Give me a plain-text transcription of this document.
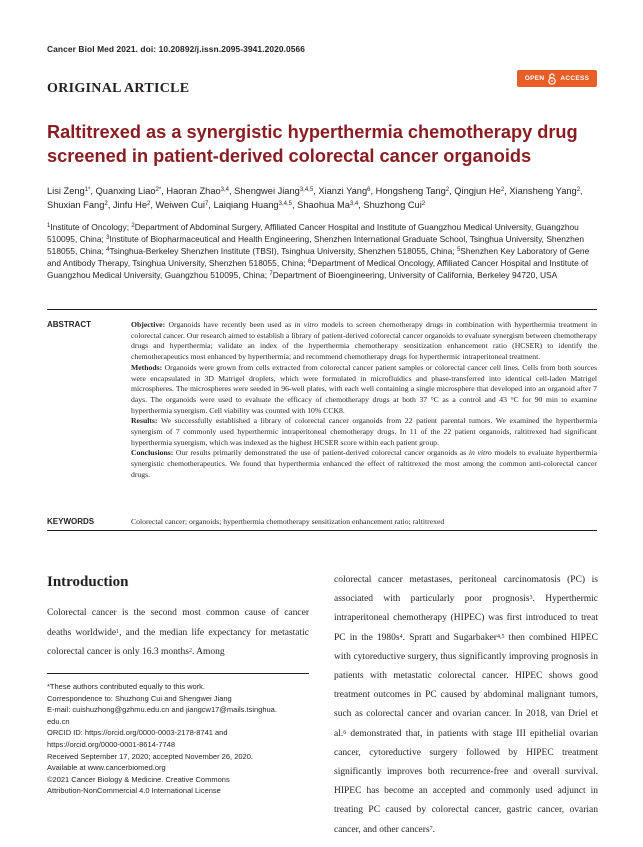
Cancer Biol Med 2021. doi: 10.20892/j.issn.2095-3941.2020.0566
ORIGINAL ARTICLE
OPEN ACCESS
Raltitrexed as a synergistic hyperthermia chemotherapy drug
screened in patient-derived colorectal cancer organoids
Lisi Zeng$^{1*}$, Quanxing Liao$^{2*}$, Haoran Zhao$^{3,4}$, Shengwei Jiang$^{3,4,5}$, Xianzi Yang$^6$, Hongsheng Tang$^2$, Qingjun He$^2$, Xiansheng Yang$^2$, Shuxian Fang$^2$, Jinfu He$^2$, Weiwen Cui$^7$, Laiqiang Huang$^{3,4,5}$, Shaohua Ma$^{3,4}$, Shuzhong Cui$^2$
$^1$Institute of Oncology; $^2$Department of Abdominal Surgery, Affiliated Cancer Hospital and Institute of Guangzhou Medical University, Guangzhou 510095, China; $^3$Institute of Biopharmaceutical and Health Engineering, Shenzhen International Graduate School, Tsinghua University, Shenzhen 518055, China; $^4$Tsinghua-Berkeley Shenzhen Institute (TBSI), Tsinghua University, Shenzhen 518055, China; $^5$Shenzhen Key Laboratory of Gene and Antibody Therapy, Tsinghua University, Shenzhen 518055, China; $^6$Department of Medical Oncology, Affiliated Cancer Hospital and Institute of Guangzhou Medical University, Guangzhou 510095, China; $^7$Department of Bioengineering, University of California, Berkeley 94720, USA
ABSTRACT	Objective: Organoids have recently been used as in vitro models to screen chemotherapy drugs in combination with hyperthermia treatment in colorectal cancer. Our research aimed to establish a library of patient-derived colorectal cancer organoids to evaluate synergism between chemotherapy drugs and hyperthermia; validate an index of the hyperthermia chemotherapy sensitization enhancement ratio (HCSER) to identify the chemotherapeutics most enhanced by hyperthermia; and recommend chemotherapy drugs for hyperthermic intraperitoneal treatment.

Methods: Organoids were grown from cells extracted from colorectal cancer patient samples or colorectal cancer cell lines. Cells from both sources were encapsulated in 3D Matrigel droplets, which were formulated in microfluidics and phase-transferred into identical cell-laden Matrigel microspheres. The microspheres were seeded in 96-well plates, with each well containing a single microsphere that developed into an organoid after 7 days. The organoids were used to evaluate the efficacy of chemotherapy drugs at both 37 °C as a control and 43 °C for 90 min to examine hyperthermia synergism. Cell viability was counted with 10% CCK8.

Results: We successfully established a library of colorectal cancer organoids from 22 patient parental tumors. We examined the hyperthermia synergism of 7 commonly used hyperthermic intraperitoneal chemotherapy drugs. In 11 of the 22 patient organoids, raltitrexed had significant hyperthermia synergism, which was indexed as the highest HCSER score within each patient group.

Conclusions: Our results primarily demonstrated the use of patient-derived colorectal cancer organoids as in vitro models to evaluate hyperthermia synergistic chemotherapeutics. We found that hyperthermia enhanced the effect of raltitrexed the most among the common anti-colorectal cancer drugs.

KEYWORDS	Colorectal cancer; organoids; hyperthermia chemotherapy sensitization enhancement ratio; raltitrexed
Introduction

Colorectal cancer is the second most common cause of cancer deaths worldwide$^1$, and the median life expectancy for metastatic colorectal cancer is only 16.3 months$^2$. Among

*These authors contributed equally to this work.
Correspondence to: Shuzhong Cui and Shengwei Jiang
E-mail: cuishuzhong@gzhmu.edu.cn and jiangcw17@mails.tsinghua.
edu.cn
ORCID ID: https://orcid.org/0000-0003-2178-8741 and
https://orcid.org/0000-0001-8614-7748
Received September 17, 2020; accepted November 26, 2020.
Available at www.cancerbiomed.org
©2021 Cancer Biology & Medicine. Creative Commons
Attribution-NonCommercial 4.0 International License

colorectal cancer metastases, peritoneal carcinomatosis (PC) is associated with particularly poor prognosis$^3$. Hyperthermic intraperitoneal chemotherapy (HIPEC) was first introduced to treat PC in the $1980s^4$. Spratt and Sugarbaker$^{4,5}$ then combined HIPEC with cytoreductive surgery, thus significantly improving prognosis in patients with metastatic colorectal cancer. HIPEC shows good treatment outcomes in PC caused by abdominal malignant tumors, such as colorectal cancer and ovarian cancer. In 2018, van Driel et al.$^6$ demonstrated that, in patients with stage III epithelial ovarian cancer, cytoreductive surgery followed by HIPEC treatment significantly improves both recurrence-free and overall survival. HIPEC has become an accepted and commonly used adjunct in treating PC caused by colorectal cancer, gastric cancer, ovarian cancer, and other cancers$^7$.
